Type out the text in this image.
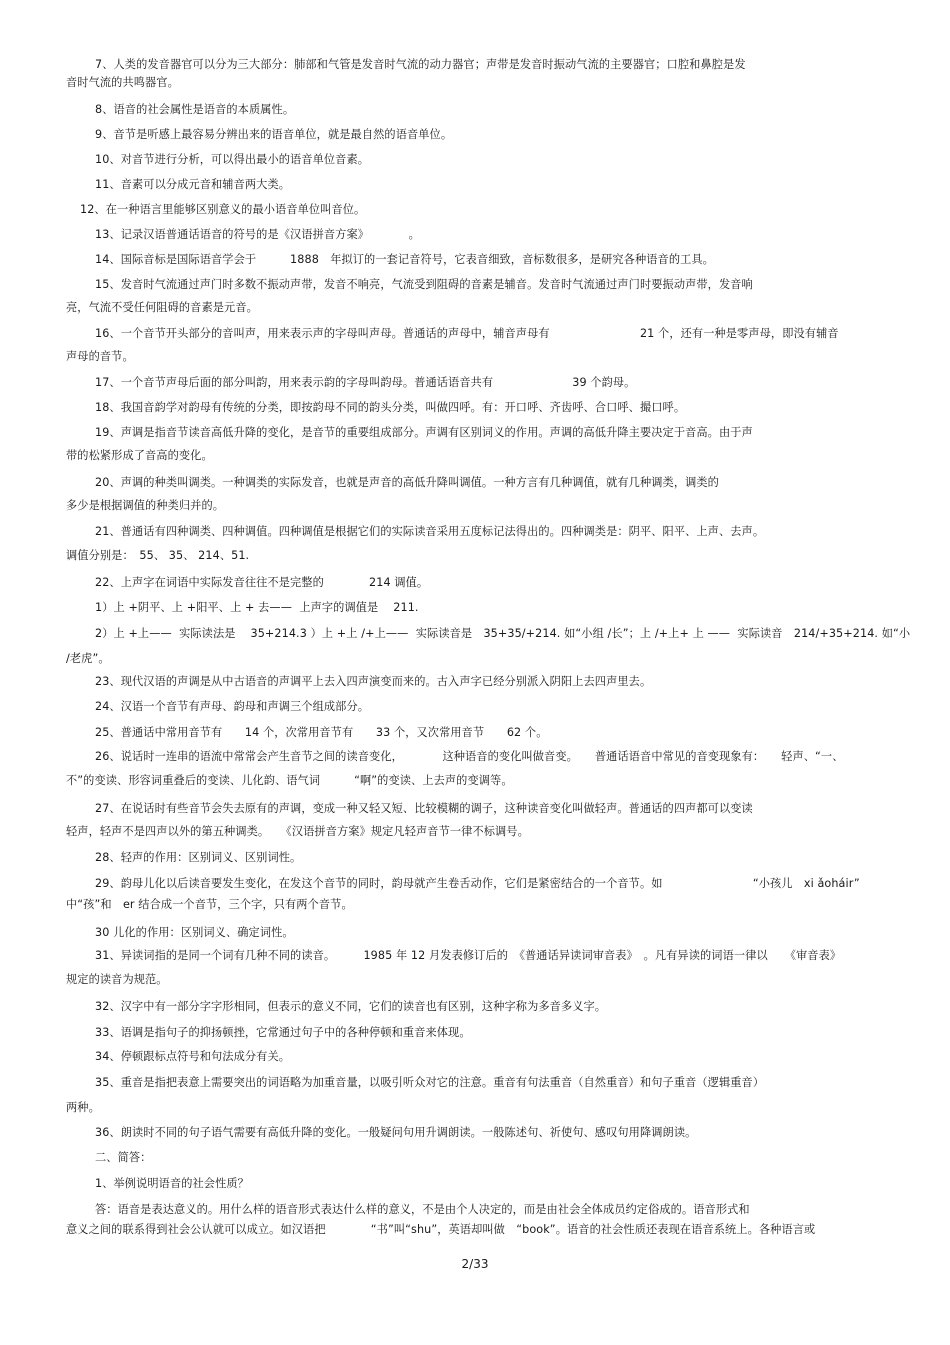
7、人类的发音器官可以分为三大部分：肺部和气管是发音时气流的动力器官；声带是发音时振动气流的主要器官；口腔和鼻腔是发
音时气流的共鸣器官。
8、语音的社会属性是语音的本质属性。
9、音节是听感上最容易分辨出来的语音单位，就是最自然的语音单位。
10、对音节进行分析，可以得出最小的语音单位音素。
11、音素可以分成元音和辅音两大类。
12、在一种语言里能够区别意义的最小语音单位叫音位。
13、记录汉语普通话语音的符号的是《汉语拼音方案》　　　　。
14、国际音标是国际语音学会于　　　1888　年拟订的一套记音符号，它表音细致，音标数很多，是研究各种语音的工具。
15、发音时气流通过声门时多数不振动声带，发音不响亮，气流受到阻碍的音素是辅音。发音时气流通过声门时要振动声带，发音响
亮，气流不受任何阻碍的音素是元音。
16、一个音节开头部分的音叫声，用来表示声的字母叫声母。普通话的声母中，辅音声母有　　　　　　　　21 个，还有一种是零声母，即没有辅音
声母的音节。
17、一个音节声母后面的部分叫韵，用来表示韵的字母叫韵母。普通话语音共有　　　　　　　39 个韵母。
18、我国音韵学对韵母有传统的分类，即按韵母不同的韵头分类，叫做四呼。有：开口呼、齐齿呼、合口呼、撮口呼。
19、声调是指音节读音高低升降的变化，是音节的重要组成部分。声调有区别词义的作用。声调的高低升降主要决定于音高。由于声
带的松紧形成了音高的变化。
20、声调的种类叫调类。一种调类的实际发音，也就是声音的高低升降叫调值。一种方言有几种调值，就有几种调类，调类的
多少是根据调值的种类归并的。
21、普通话有四种调类、四种调值。四种调值是根据它们的实际读音采用五度标记法得出的。四种调类是：阴平、阳平、上声、去声。
调值分别是：　55、 35、 214、51.
22、上声字在词语中实际发音往往不是完整的　　　　214 调值。
1）上 +阴平、上 +阳平、上 + 去——  上声字的调值是　 211.
2）上 +上——  实际读法是　 35+214.3 ）上 +上 /+上——  实际读音是　35+35/+214. 如“小组 /长”；上 /+上+ 上 ——  实际读音　214/+35+214. 如“小
/老虎”。
23、现代汉语的声调是从中古语音的声调平上去入四声演变而来的。古入声字已经分别派入阴阳上去四声里去。
24、汉语一个音节有声母、韵母和声调三个组成部分。
25、普通话中常用音节有　　14 个，次常用音节有　　33 个，又次常用音节　　62 个。
26、说话时一连串的语流中常常会产生音节之间的读音变化，　　　　这种语音的变化叫做音变。　　普通话语音中常见的音变现象有：　　轻声、“一、
不”的变读、形容词重叠后的变读、儿化韵、语气词　　　“啊”的变读、上去声的变调等。
27、在说话时有些音节会失去原有的声调，变成一种又轻又短、比较模糊的调子，这种读音变化叫做轻声。普通话的四声都可以变读
轻声，轻声不是四声以外的第五种调类。　　《汉语拼音方案》规定凡轻声音节一律不标调号。
28、轻声的作用：区别词义、区别词性。
29、韵母儿化以后读音要发生变化，在发这个音节的同时，韵母就产生卷舌动作，它们是紧密结合的一个音节。如　　　　　　　　“小孩儿　xi ǎoháir”
中“孩”和　er 结合成一个音节，三个字，只有两个音节。
30 儿化的作用：区别词义、确定词性。
31、异读词指的是同一个词有几种不同的读音。　　　1985 年 12 月发表修订后的　《普通话异读词审音表》　。凡有异读的词语一律以　　《审音表》
规定的读音为规范。
32、汉字中有一部分字字形相同，但表示的意义不同，它们的读音也有区别，这种字称为多音多义字。
33、语调是指句子的抑扬顿挫，它常通过句子中的各种停顿和重音来体现。
34、停顿跟标点符号和句法成分有关。
35、重音是指把表意上需要突出的词语略为加重音量，以吸引听众对它的注意。重音有句法重音（自然重音）和句子重音（逻辑重音）
两种。
36、朗读时不同的句子语气需要有高低升降的变化。一般疑问句用升调朗读。一般陈述句、祈使句、感叹句用降调朗读。
二、简答：
1、举例说明语音的社会性质？
答：语音是表达意义的。用什么样的语音形式表达什么样的意义，不是由个人决定的，而是由社会全体成员约定俗成的。语音形式和
意义之间的联系得到社会公认就可以成立。如汉语把　　　　“书”叫“shu”，英语却叫做　“book”。语音的社会性质还表现在语音系统上。各种语言或
2/33
